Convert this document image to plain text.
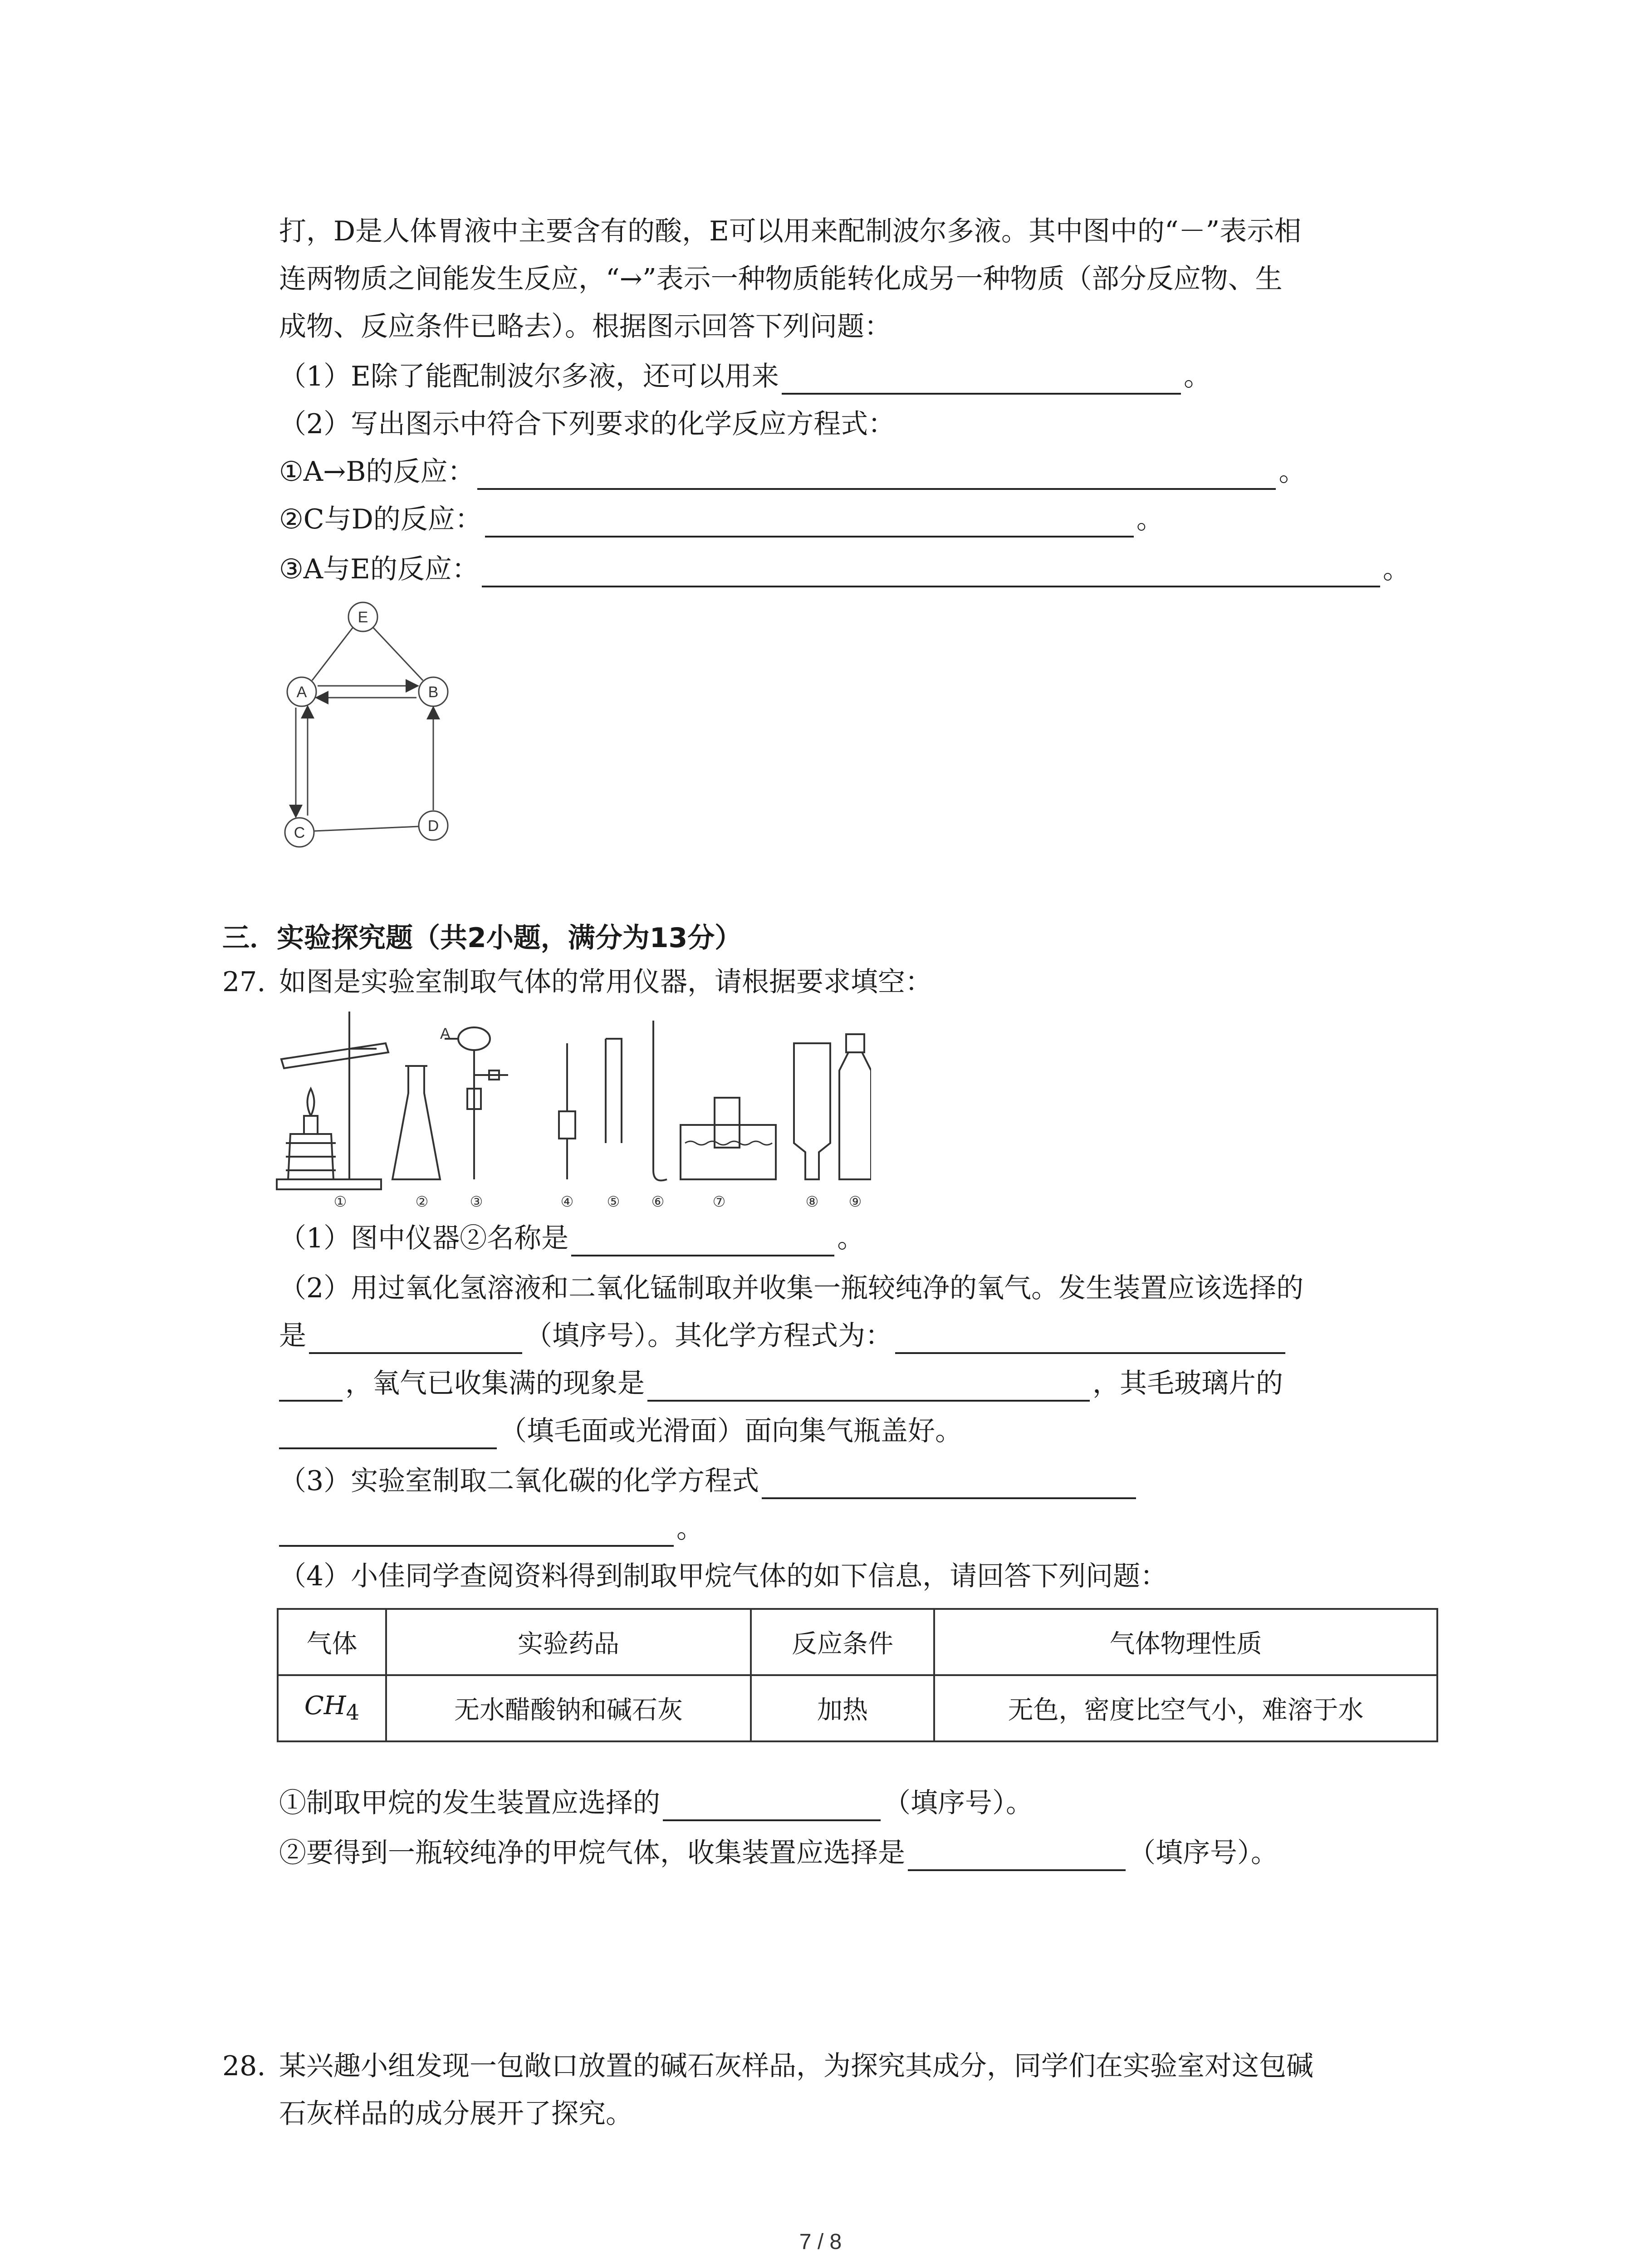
打，D是人体胃液中主要含有的酸，E可以用来配制波尔多液。其中图中的“－”表示相
连两物质之间能发生反应，“→”表示一种物质能转化成另一种物质（部分反应物、生
成物、反应条件已略去）。根据图示回答下列问题：
（1）E除了能配制波尔多液，还可以用来	。
（2）写出图示中符合下列要求的化学反应方程式：
①A→B的反应：	。
②C与D的反应：	。
③A与E的反应：	。
E
A	B
C	D
三．实验探究题（共2小题，满分为13分）
27. 如图是实验室制取气体的常用仪器，请根据要求填空：
A
①	②	③	④ ⑤ ⑥	⑦	⑧ ⑨
（1）图中仪器②名称是	。
（2）用过氧化氢溶液和二氧化锰制取并收集一瓶较纯净的氧气。发生装置应该选择的
是	（填序号）。其化学方程式为：
，氧气已收集满的现象是	，其毛玻璃片的
（填毛面或光滑面）面向集气瓶盖好。
（3）实验室制取二氧化碳的化学方程式
。
（4）小佳同学查阅资料得到制取甲烷气体的如下信息，请回答下列问题：
气体	实验药品	反应条件	气体物理性质
$CH_4$	无水醋酸钠和碱石灰	加热	无色，密度比空气小，难溶于水
①制取甲烷的发生装置应选择的	（填序号）。
②要得到一瓶较纯净的甲烷气体，收集装置应选择是	（填序号）。
28. 某兴趣小组发现一包敞口放置的碱石灰样品，为探究其成分，同学们在实验室对这包碱
石灰样品的成分展开了探究。
7 / 8
